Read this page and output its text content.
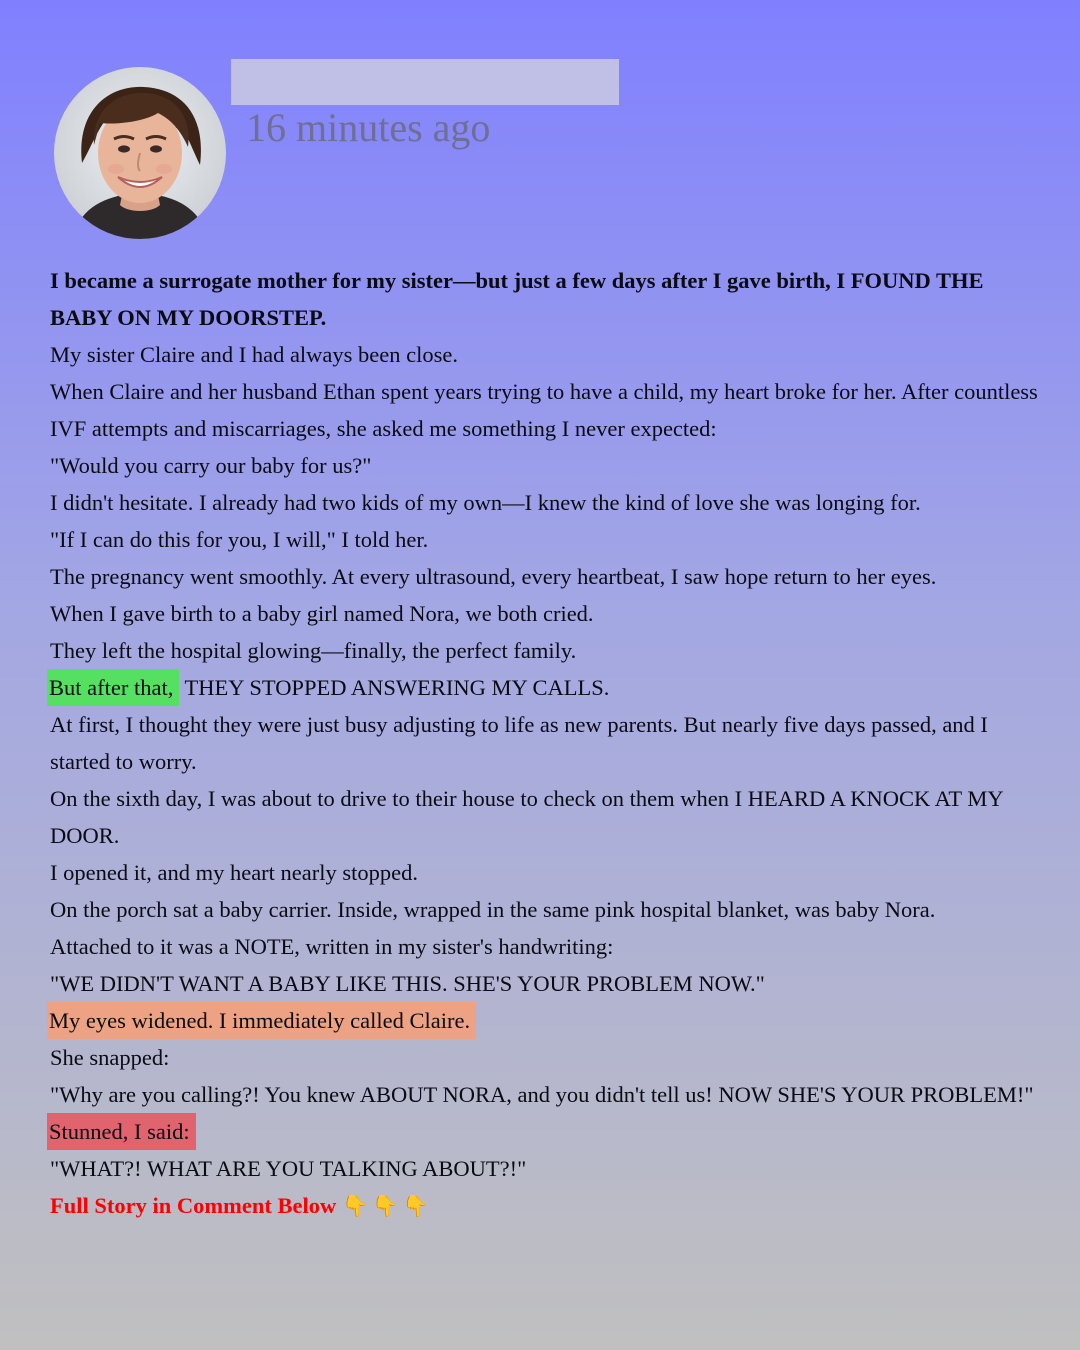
16 minutes ago

I became a surrogate mother for my sister—but just a few days after I gave birth, I FOUND THE BABY ON MY DOORSTEP.

My sister Claire and I had always been close.

When Claire and her husband Ethan spent years trying to have a child, my heart broke for her. After countless IVF attempts and miscarriages, she asked me something I never expected:

"Would you carry our baby for us?"

I didn't hesitate. I already had two kids of my own—I knew the kind of love she was longing for.

"If I can do this for you, I will," I told her.

The pregnancy went smoothly. At every ultrasound, every heartbeat, I saw hope return to her eyes.

When I gave birth to a baby girl named Nora, we both cried.

They left the hospital glowing—finally, the perfect family.

But after that, THEY STOPPED ANSWERING MY CALLS.

At first, I thought they were just busy adjusting to life as new parents. But nearly five days passed, and I started to worry.

On the sixth day, I was about to drive to their house to check on them when I HEARD A KNOCK AT MY DOOR.

I opened it, and my heart nearly stopped.

On the porch sat a baby carrier. Inside, wrapped in the same pink hospital blanket, was baby Nora.

Attached to it was a NOTE, written in my sister's handwriting:

"WE DIDN'T WANT A BABY LIKE THIS. SHE'S YOUR PROBLEM NOW."

My eyes widened. I immediately called Claire.

She snapped:

"Why are you calling?! You knew ABOUT NORA, and you didn't tell us! NOW SHE'S YOUR PROBLEM!"

Stunned, I said:

"WHAT?! WHAT ARE YOU TALKING ABOUT?!"

Full Story in Comment Below 👇👇👇
